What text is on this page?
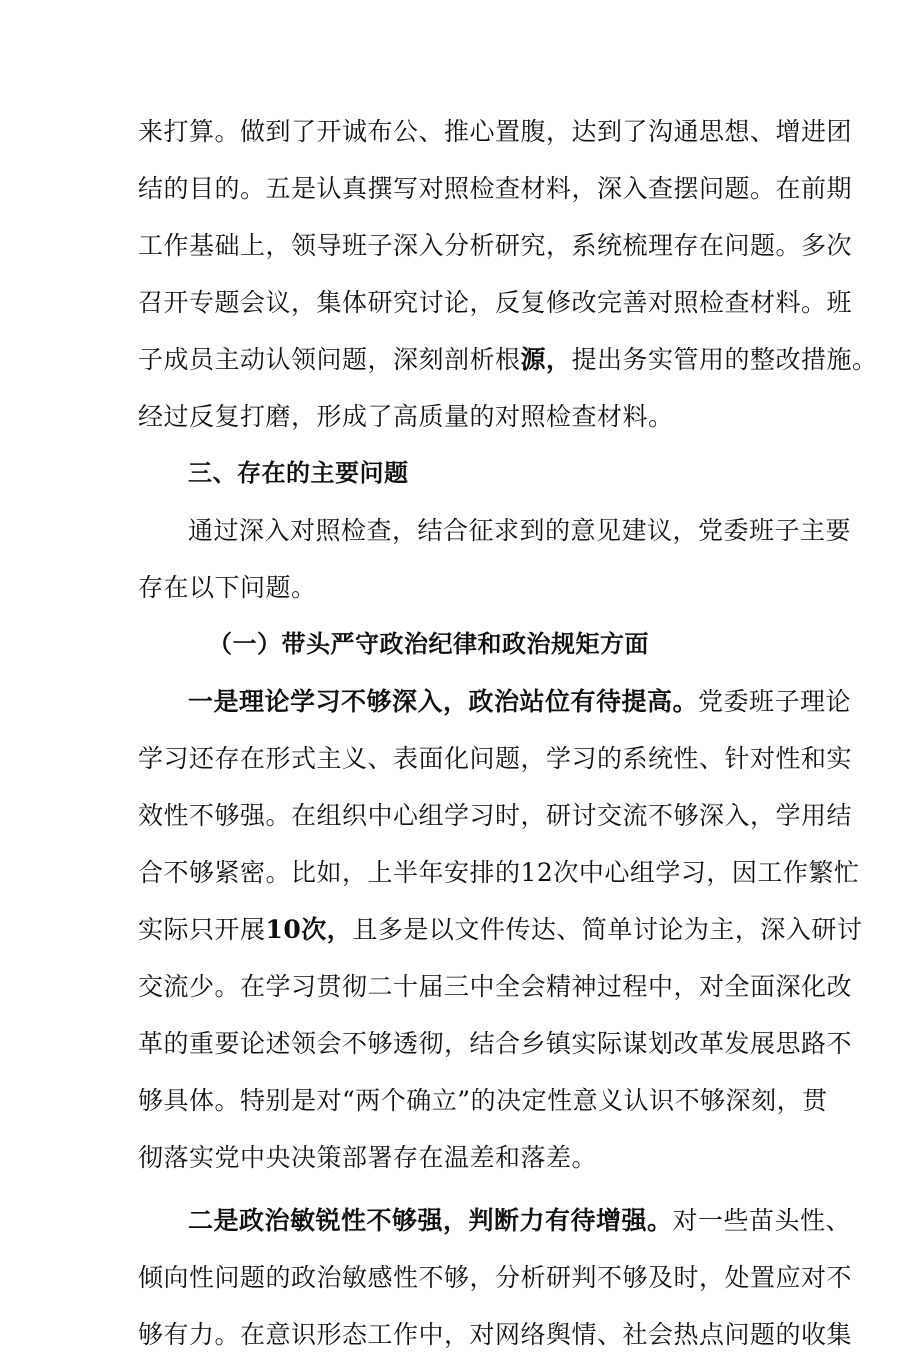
来打算。做到了开诚布公、推心置腹，达到了沟通思想、增进团
结的目的。五是认真撰写对照检查材料，深入查摆问题。在前期
工作基础上，领导班子深入分析研究，系统梳理存在问题。多次
召开专题会议，集体研究讨论，反复修改完善对照检查材料。班
子成员主动认领问题，深刻剖析根源，提出务实管用的整改措施。
经过反复打磨，形成了高质量的对照检查材料。
三、存在的主要问题
通过深入对照检查，结合征求到的意见建议，党委班子主要
存在以下问题。
（一）带头严守政治纪律和政治规矩方面
一是理论学习不够深入，政治站位有待提高。党委班子理论
学习还存在形式主义、表面化问题，学习的系统性、针对性和实
效性不够强。在组织中心组学习时，研讨交流不够深入，学用结
合不够紧密。比如，上半年安排的12次中心组学习，因工作繁忙
实际只开展10次，且多是以文件传达、简单讨论为主，深入研讨
交流少。在学习贯彻二十届三中全会精神过程中，对全面深化改
革的重要论述领会不够透彻，结合乡镇实际谋划改革发展思路不
够具体。特别是对“两个确立”的决定性意义认识不够深刻，贯
彻落实党中央决策部署存在温差和落差。
二是政治敏锐性不够强，判断力有待增强。对一些苗头性、
倾向性问题的政治敏感性不够，分析研判不够及时，处置应对不
够有力。在意识形态工作中，对网络舆情、社会热点问题的收集
